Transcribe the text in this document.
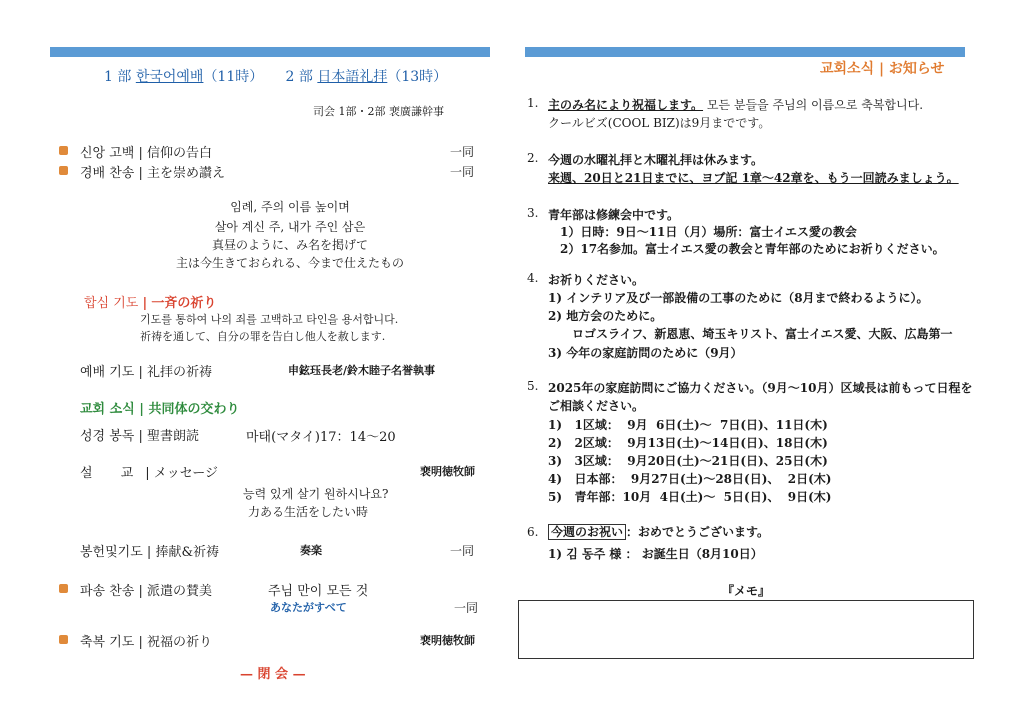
1 部 한국어예배（11時） 2 部 日本語礼拝（13時）
司会 1部・2部 裵廣謙幹事
신앙 고백 | 信仰の告白	一同
경배 찬송 | 主を崇め讃え	一同
임례, 주의 이름 높이며
살아 계신 주, 내가 주인 삼은
真昼のように、み名を掲げて
主は今生きておられる、今まで仕えたもの
합심 기도 | 一斉の祈り
기도를 통하여 나의 죄를 고백하고 타인을 용서합니다.
祈祷を通して、自分の罪を告白し他人を赦します.
예배 기도 | 礼拝の祈祷	申鉉珏長老/鈴木睦子名誉執事
교회 소식 | 共同体の交わり
성경 봉독 | 聖書朗読	마태(マタイ)17：14〜20
설 교| メッセージ	裵明徳牧師
능력 있게 살기 원하시나요?
力ある生活をしたい時
봉헌및기도 | 捧献&祈祷	奏楽	一同
파송 찬송 | 派遣の賛美	주님 만이 모든 것
あなたがすべて	一同
축복 기도 | 祝福の祈り	裵明徳牧師
— 閉 会 —
교회소식 | お知らせ
1. 主のみ名により祝福します。 모든 분들을 주님의 이름으로 축복합니다.
クールビズ(COOL BIZ)は9月までです。
2. 今週の水曜礼拝と木曜礼拝は休みます。
来週、20日と21日までに、ヨブ記 1章〜42章を、もう一回読みましょう。
3. 青年部は修練会中です。
1）日時：9日〜11日（月）場所：富士イエス愛の教会
2）17名参加。富士イエス愛の教会と青年部のためにお祈りください。
4. お祈りください。
1) インテリア及び一部設備の工事のために（8月まで終わるように）。
2) 地方会のために。
ロゴスライフ、新恩恵、埼玉キリスト、富士イエス愛、大阪、広島第一
3) 今年の家庭訪問のために（9月）
5. 2025年の家庭訪問にご協力ください。（9月〜10月）区域長は前もって日程を
ご相談ください。
1)   1区域：  9月  6日(土)〜  7日(日)、11日(木)
2)   2区域：  9月13日(土)〜14日(日)、18日(木)
3)   3区域：  9月20日(土)〜21日(日)、25日(木)
4)   日本部：  9月27日(土)〜28日(日)、  2日(木)
5)   青年部：10月  4日(土)〜  5日(日)、  9日(木)
6. 今週のお祝い ：おめでとうございます。
1) 김 동주 様 ： お誕生日（8月10日）
『メモ』
